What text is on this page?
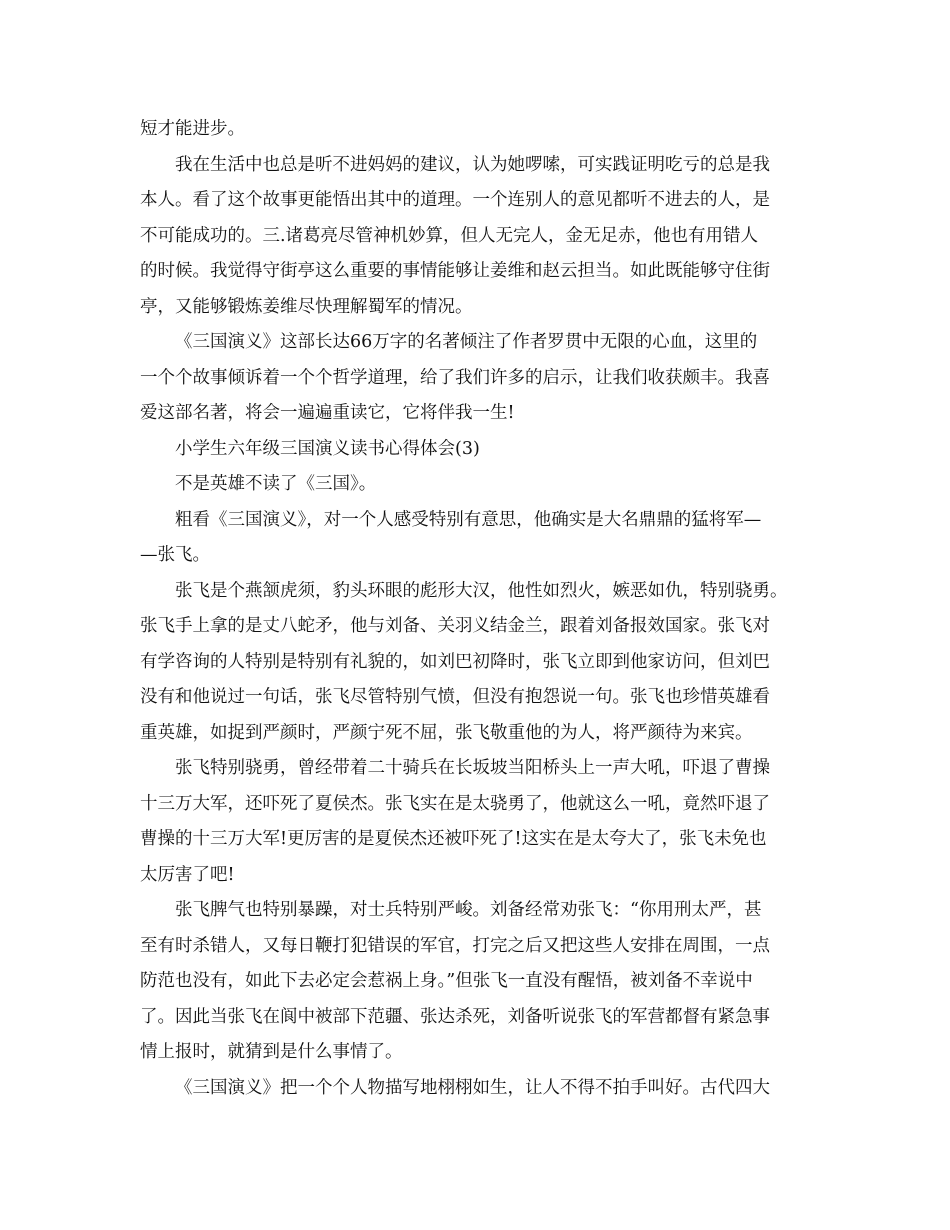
短才能进步。
我在生活中也总是听不进妈妈的建议，认为她啰嗦，可实践证明吃亏的总是我
本人。看了这个故事更能悟出其中的道理。一个连别人的意见都听不进去的人，是
不可能成功的。三.诸葛亮尽管神机妙算，但人无完人，金无足赤，他也有用错人
的时候。我觉得守街亭这么重要的事情能够让姜维和赵云担当。如此既能够守住街
亭，又能够锻炼姜维尽快理解蜀军的情况。
《三国演义》这部长达66万字的名著倾注了作者罗贯中无限的心血，这里的
一个个故事倾诉着一个个哲学道理，给了我们许多的启示，让我们收获颇丰。我喜
爱这部名著，将会一遍遍重读它，它将伴我一生!
小学生六年级三国演义读书心得体会(3)
不是英雄不读了《三国》。
粗看《三国演义》，对一个人感受特别有意思，他确实是大名鼎鼎的猛将军—
—张飞。
张飞是个燕颔虎须，豹头环眼的彪形大汉，他性如烈火，嫉恶如仇，特别骁勇。
张飞手上拿的是丈八蛇矛，他与刘备、关羽义结金兰，跟着刘备报效国家。张飞对
有学咨询的人特别是特别有礼貌的，如刘巴初降时，张飞立即到他家访问，但刘巴
没有和他说过一句话，张飞尽管特别气愤，但没有抱怨说一句。张飞也珍惜英雄看
重英雄，如捉到严颜时，严颜宁死不屈，张飞敬重他的为人，将严颜待为来宾。
张飞特别骁勇，曾经带着二十骑兵在长坂坡当阳桥头上一声大吼，吓退了曹操
十三万大军，还吓死了夏侯杰。张飞实在是太骁勇了，他就这么一吼，竟然吓退了
曹操的十三万大军!更厉害的是夏侯杰还被吓死了!这实在是太夸大了，张飞未免也
太厉害了吧!
张飞脾气也特别暴躁，对士兵特别严峻。刘备经常劝张飞：“你用刑太严，甚
至有时杀错人，又每日鞭打犯错误的军官，打完之后又把这些人安排在周围，一点
防范也没有，如此下去必定会惹祸上身。”但张飞一直没有醒悟，被刘备不幸说中
了。因此当张飞在阆中被部下范疆、张达杀死，刘备听说张飞的军营都督有紧急事
情上报时，就猜到是什么事情了。
《三国演义》把一个个人物描写地栩栩如生，让人不得不拍手叫好。古代四大
